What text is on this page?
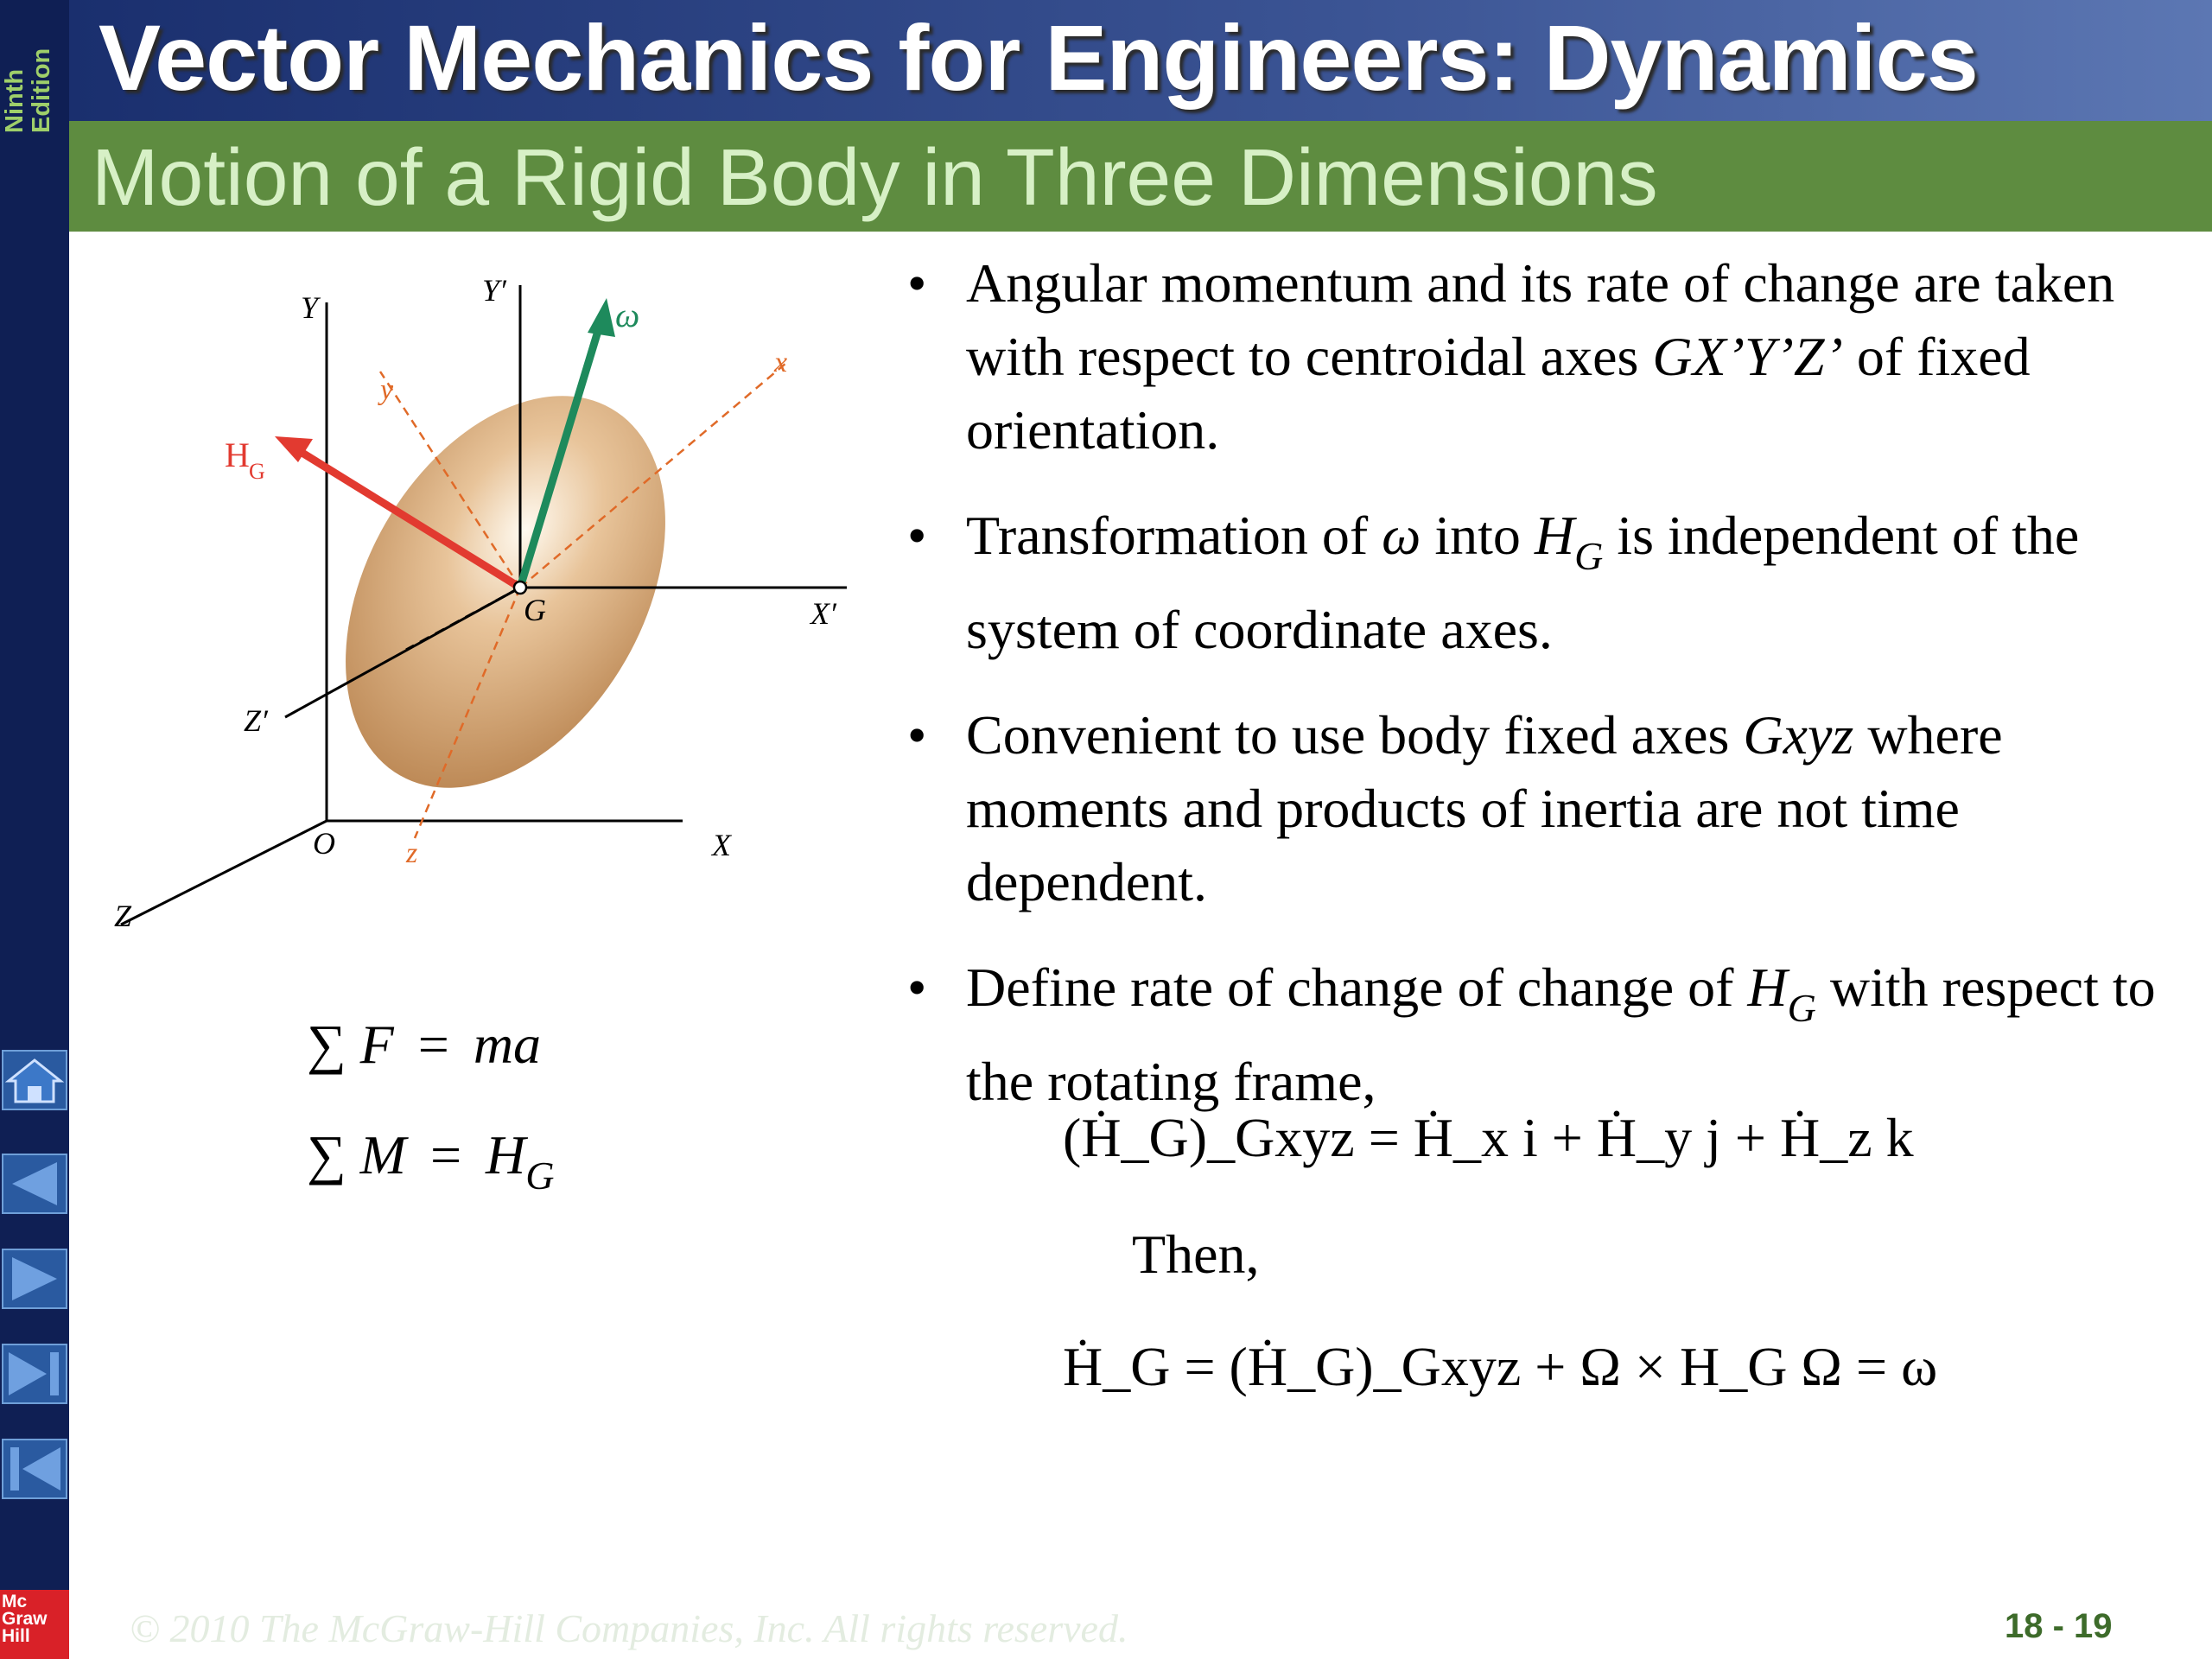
Ninth Edition
Mc
Graw
Hill
Vector Mechanics for Engineers: Dynamics
Motion of a Rigid Body in Three Dimensions
Y	Y′
ω
x
y
H G
G	X′
Z′
O z	X
Z
∑ F = ma
∑ $M = H_G$
• Angular momentum and its rate of change are taken with respect to centroidal axes GX’Y’Z’ of fixed orientation.
• Transformation of ω into $H_G$ is independent of the system of coordinate axes.
• Convenient to use body fixed axes Gxyz where moments and products of inertia are not time dependent.
• Define rate of change of change of $H_G$ with respect to the rotating frame,
(Ḣ_G)_Gxyz = Ḣ_x i + Ḣ_y j + Ḣ_z k
Then,
Ḣ_G = (Ḣ_G)_Gxyz + Ω × H_G Ω = ω
© 2010 The McGraw-Hill Companies, Inc. All rights reserved.	18 - 19
